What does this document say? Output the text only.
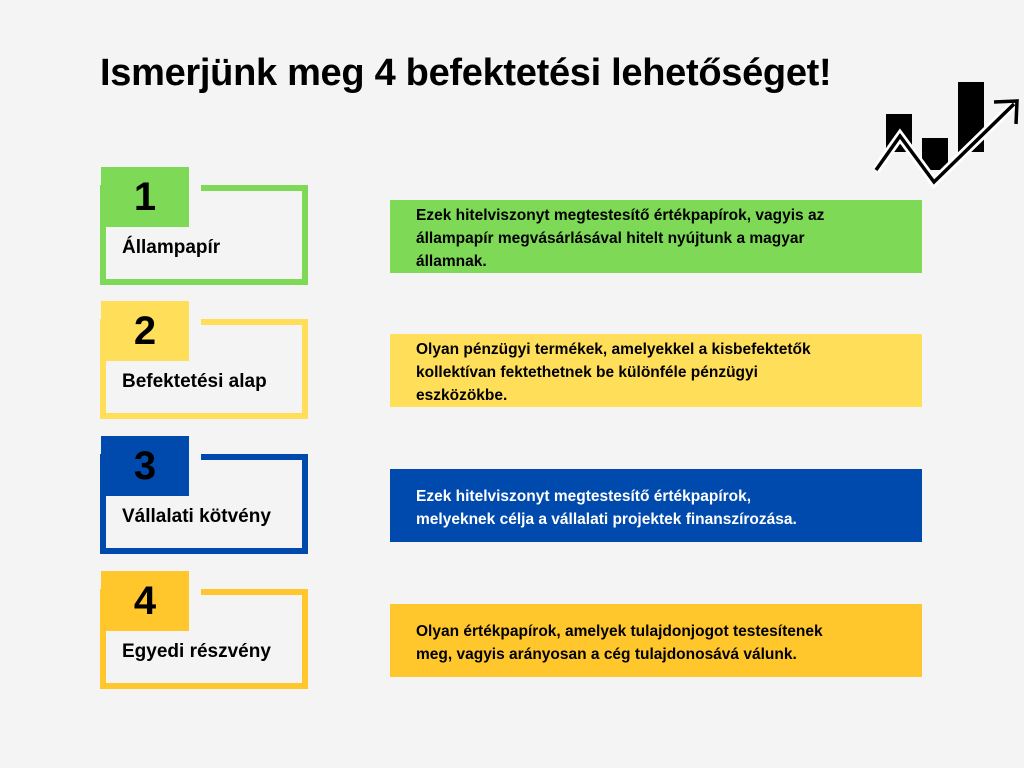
Ismerjünk meg 4 befektetési lehetőséget!
1
Állampapír
Ezek hitelviszonyt megtestesítő értékpapírok, vagyis az
állampapír megvásárlásával hitelt nyújtunk a magyar
államnak.
2
Befektetési alap
Olyan pénzügyi termékek, amelyekkel a kisbefektetők
kollektívan fektethetnek be különféle pénzügyi
eszközökbe.
3
Vállalati kötvény
Ezek hitelviszonyt megtestesítő értékpapírok,
melyeknek célja a vállalati projektek finanszírozása.
4
Egyedi részvény
Olyan értékpapírok, amelyek tulajdonjogot testesítenek
meg, vagyis arányosan a cég tulajdonosává válunk.
